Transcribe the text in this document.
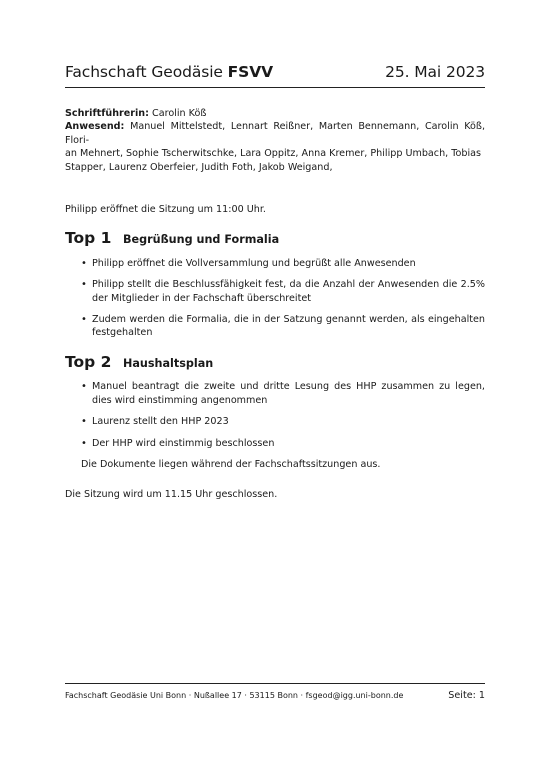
Fachschaft Geodäsie FSVV	25. Mai 2023

Schriftführerin: Carolin Köß

Anwesend: Manuel Mittelstedt, Lennart Reißner, Marten Bennemann, Carolin Köß, Flori-

an Mehnert, Sophie Tscherwitschke, Lara Oppitz, Anna Kremer, Philipp Umbach, Tobias

Stapper, Laurenz Oberfeier, Judith Foth, Jakob Weigand,

Philipp eröffnet die Sitzung um 11:00 Uhr.

Top 1	Begrüßung und Formalia
• Philipp eröffnet die Vollversammlung und begrüßt alle Anwesenden
• Philipp stellt die Beschlussfähigkeit fest, da die Anzahl der Anwesenden die 2.5% der Mitglieder in der Fachschaft überschreitet
• Zudem werden die Formalia, die in der Satzung genannt werden, als eingehalten festgehalten
Top 2	Haushaltsplan
• Manuel beantragt die zweite und dritte Lesung des HHP zusammen zu legen, dies wird einstimming angenommen
• Laurenz stellt den HHP 2023
• Der HHP wird einstimmig beschlossen

Die Dokumente liegen während der Fachschaftssitzungen aus.

Die Sitzung wird um 11.15 Uhr geschlossen.

Fachschaft Geodäsie Uni Bonn · Nußallee 17 · 53115 Bonn · fsgeod@igg.uni-bonn.de	Seite: 1
